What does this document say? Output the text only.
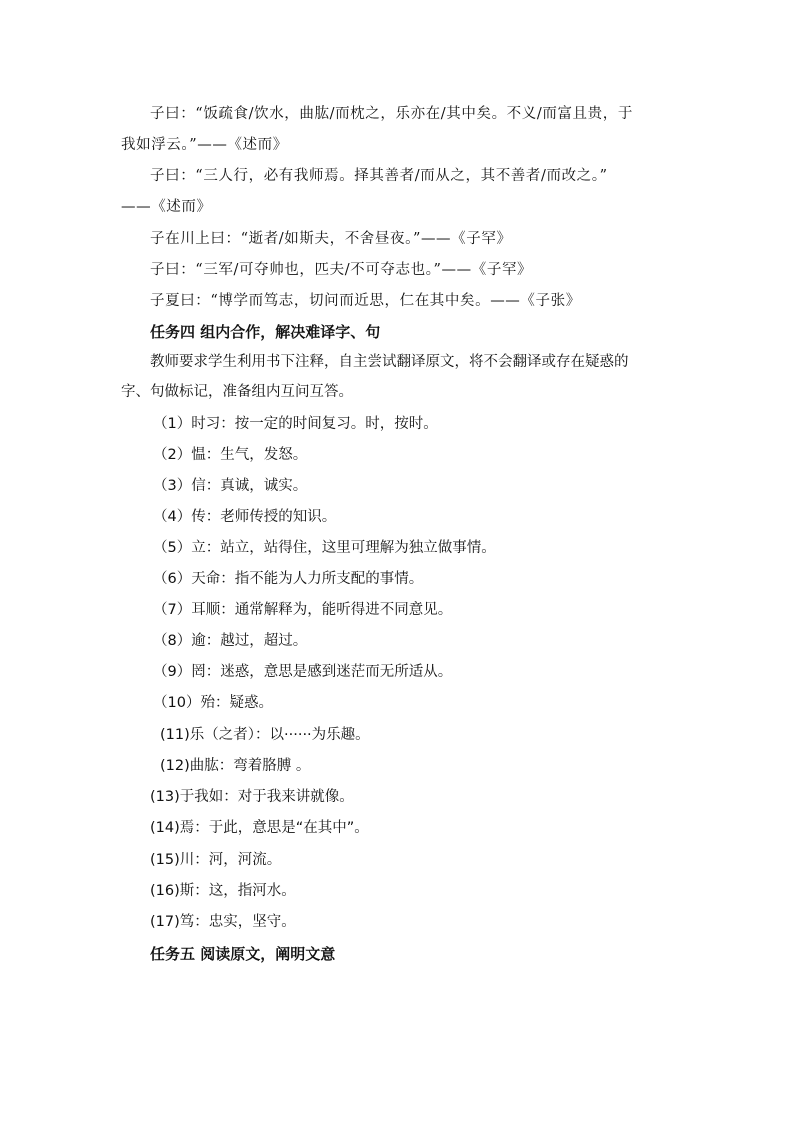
子曰：“饭疏食/饮水，曲肱/而枕之，乐亦在/其中矣。不义/而富且贵，于
我如浮云。”——《述而》
子曰：“三人行，必有我师焉。择其善者/而从之，其不善者/而改之。”
——《述而》
子在川上曰：“逝者/如斯夫，不舍昼夜。”——《子罕》
子曰：“三军/可夺帅也，匹夫/不可夺志也。”——《子罕》
子夏曰：“博学而笃志，切问而近思，仁在其中矣。——《子张》
任务四 组内合作，解决难译字、句
教师要求学生利用书下注释，自主尝试翻译原文，将不会翻译或存在疑惑的
字、句做标记，准备组内互问互答。
（1）时习：按一定的时间复习。时，按时。
（2）愠：生气，发怒。
（3）信：真诚，诚实。
（4）传：老师传授的知识。
（5）立：站立，站得住，这里可理解为独立做事情。
（6）天命：指不能为人力所支配的事情。
（7）耳顺：通常解释为，能听得进不同意见。
（8）逾：越过，超过。
（9）罔：迷惑，意思是感到迷茫而无所适从。
（10）殆：疑惑。
(11)乐（之者）：以······为乐趣。
(12)曲肱：弯着胳膊 。
(13)于我如：对于我来讲就像。
(14)焉：于此，意思是“在其中”。
(15)川：河，河流。
(16)斯：这，指河水。
(17)笃：忠实，坚守。
任务五 阅读原文，阐明文意
